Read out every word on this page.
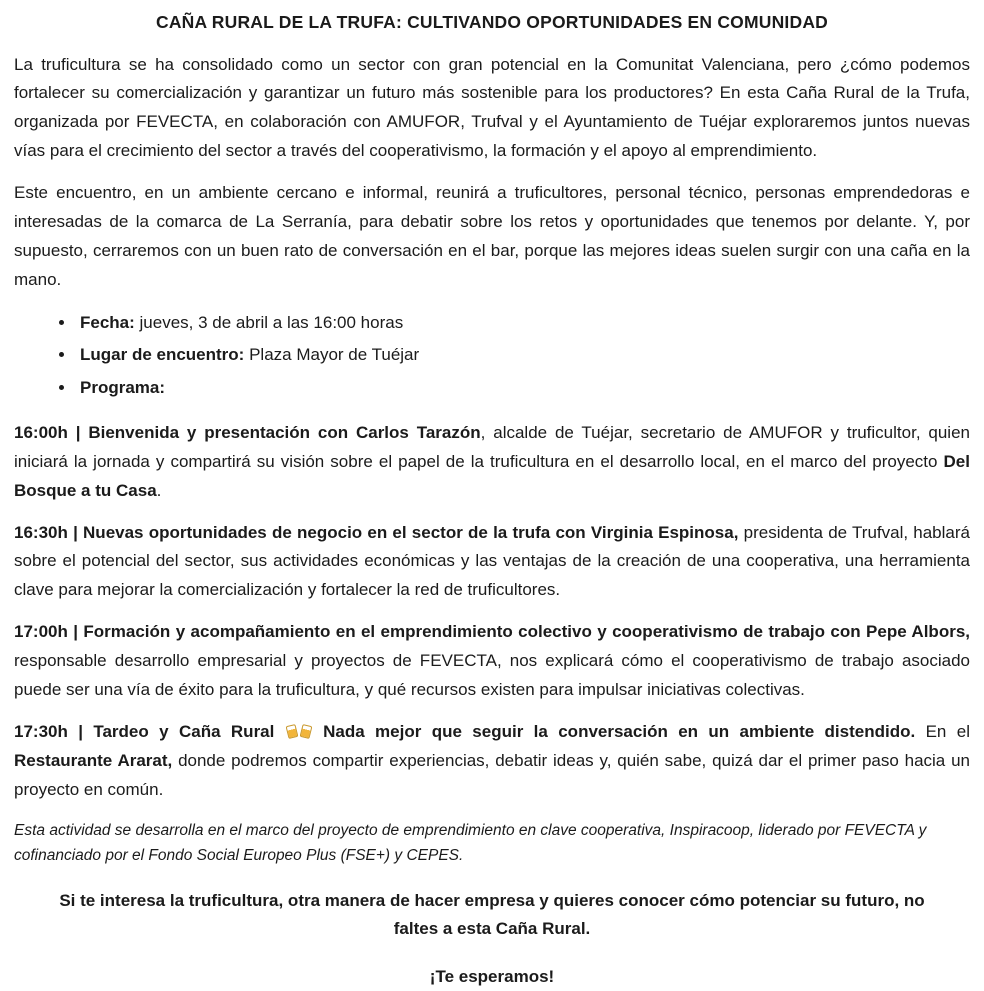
CAÑA RURAL DE LA TRUFA: CULTIVANDO OPORTUNIDADES EN COMUNIDAD

La truficultura se ha consolidado como un sector con gran potencial en la Comunitat Valenciana, pero ¿cómo podemos fortalecer su comercialización y garantizar un futuro más sostenible para los productores? En esta Caña Rural de la Trufa, organizada por FEVECTA, en colaboración con AMUFOR, Trufval y el Ayuntamiento de Tuéjar exploraremos juntos nuevas vías para el crecimiento del sector a través del cooperativismo, la formación y el apoyo al emprendimiento.

Este encuentro, en un ambiente cercano e informal, reunirá a truficultores, personal técnico, personas emprendedoras e interesadas de la comarca de La Serranía, para debatir sobre los retos y oportunidades que tenemos por delante. Y, por supuesto, cerraremos con un buen rato de conversación en el bar, porque las mejores ideas suelen surgir con una caña en la mano.

• Fecha: jueves, 3 de abril a las 16:00 horas
• Lugar de encuentro: Plaza Mayor de Tuéjar
• Programa:

16:00h | Bienvenida y presentación con Carlos Tarazón, alcalde de Tuéjar, secretario de AMUFOR y truficultor, quien iniciará la jornada y compartirá su visión sobre el papel de la truficultura en el desarrollo local, en el marco del proyecto Del Bosque a tu Casa.

16:30h | Nuevas oportunidades de negocio en el sector de la trufa con Virginia Espinosa, presidenta de Trufval, hablará sobre el potencial del sector, sus actividades económicas y las ventajas de la creación de una cooperativa, una herramienta clave para mejorar la comercialización y fortalecer la red de truficultores.

17:00h | Formación y acompañamiento en el emprendimiento colectivo y cooperativismo de trabajo con Pepe Albors, responsable desarrollo empresarial y proyectos de FEVECTA, nos explicará cómo el cooperativismo de trabajo asociado puede ser una vía de éxito para la truficultura, y qué recursos existen para impulsar iniciativas colectivas.

17:30h | Tardeo y Caña Rural  Nada mejor que seguir la conversación en un ambiente distendido. En el Restaurante Ararat, donde podremos compartir experiencias, debatir ideas y, quién sabe, quizá dar el primer paso hacia un proyecto en común.

Esta actividad se desarrolla en el marco del proyecto de emprendimiento en clave cooperativa, Inspiracoop, liderado por FEVECTA y cofinanciado por el Fondo Social Europeo Plus (FSE+) y CEPES.

Si te interesa la truficultura, otra manera de hacer empresa y quieres conocer cómo potenciar su futuro, no faltes a esta Caña Rural.

¡Te esperamos!
